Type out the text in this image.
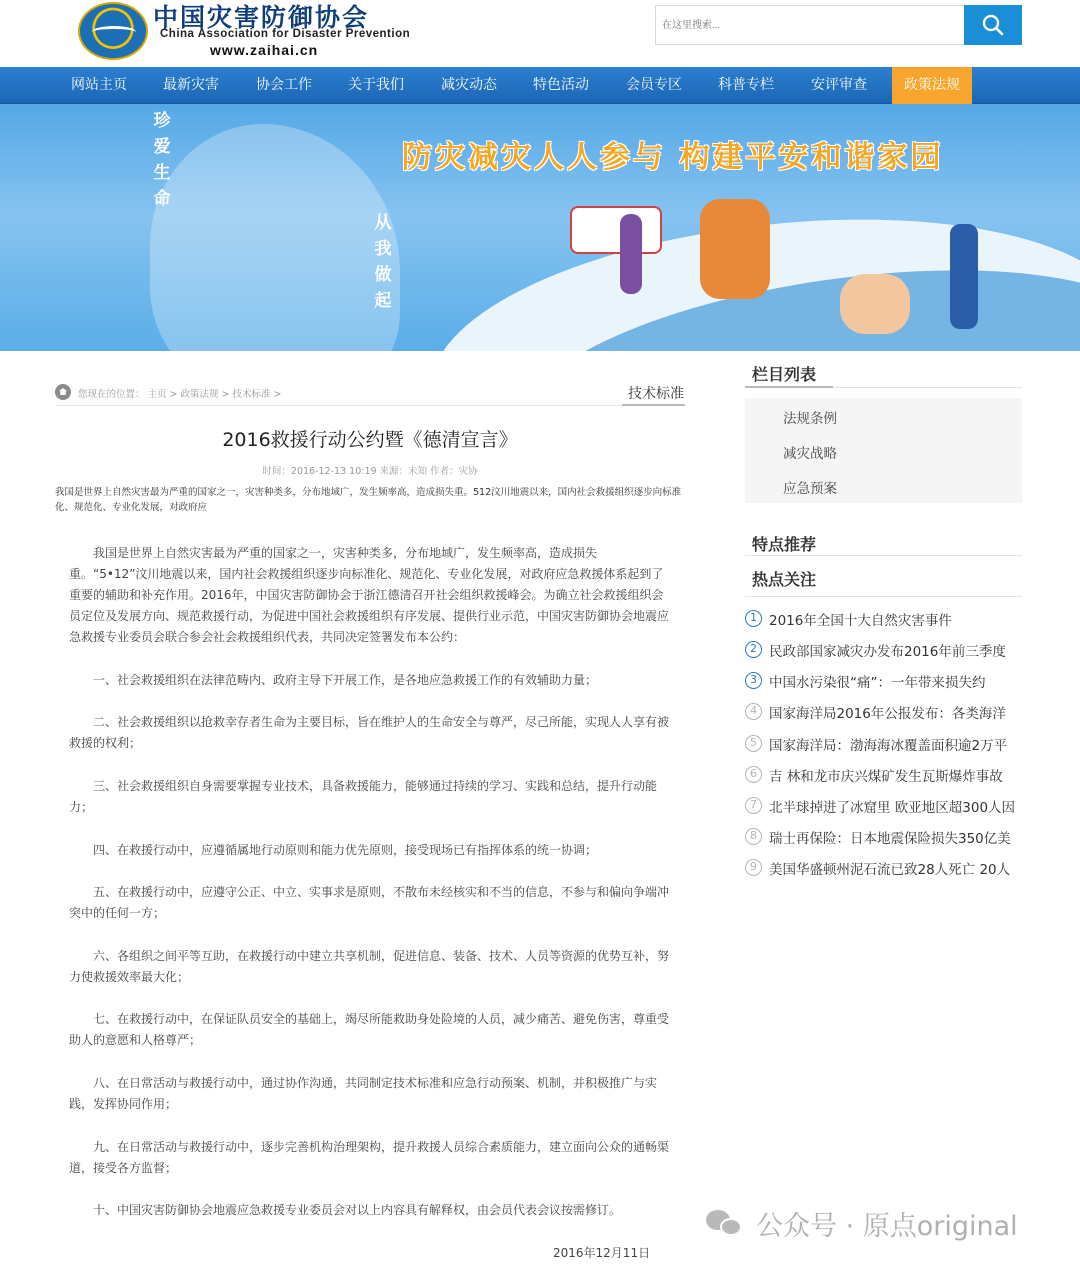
中国灾害防御协会
China Association for Disaster Prevention
www.zaihai.cn
在这里搜索...
网站主页	最新灾害	协会工作	关于我们	减灾动态	特色活动	会员专区	科普专栏	安评审查	政策法规
珍
爱
生
命
从
我
做
起
防灾减灾人人参与 构建平安和谐家园
您现在的位置： 主页 > 政策法规 > 技术标准 >	技术标准
2016救援行动公约暨《德清宣言》
时间：2016-12-13 10:19 来源：未知 作者：灾协
我国是世界上自然灾害最为严重的国家之一，灾害种类多，分布地域广，发生频率高，造成损失重。512汶川地震以来，国内社会救援组织逐步向标准化、规范化、专业化发展，对政府应
　　我国是世界上自然灾害最为严重的国家之一，灾害种类多，分布地域广，发生频率高，造成损失重。“5•12”汶川地震以来，国内社会救援组织逐步向标准化、规范化、专业化发展，对政府应急救援体系起到了重要的辅助和补充作用。2016年，中国灾害防御协会于浙江德清召开社会组织救援峰会。为确立社会救援组织会员定位及发展方向、规范救援行动，为促进中国社会救援组织有序发展、提供行业示范，中国灾害防御协会地震应急救援专业委员会联合参会社会救援组织代表，共同决定签署发布本公约：
　　一、社会救援组织在法律范畴内、政府主导下开展工作，是各地应急救援工作的有效辅助力量；
　　二、社会救援组织以抢救幸存者生命为主要目标，旨在维护人的生命安全与尊严，尽己所能，实现人人享有被救援的权利；
　　三、社会救援组织自身需要掌握专业技术，具备救援能力，能够通过持续的学习、实践和总结，提升行动能力；
　　四、在救援行动中，应遵循属地行动原则和能力优先原则，接受现场已有指挥体系的统一协调；
　　五、在救援行动中，应遵守公正、中立、实事求是原则，不散布未经核实和不当的信息，不参与和偏向争端冲突中的任何一方；
　　六、各组织之间平等互助，在救援行动中建立共享机制，促进信息、装备、技术、人员等资源的优势互补，努力使救援效率最大化；
　　七、在救援行动中，在保证队员安全的基础上，竭尽所能救助身处险境的人员，减少痛苦、避免伤害，尊重受助人的意愿和人格尊严；
　　八、在日常活动与救援行动中，通过协作沟通，共同制定技术标准和应急行动预案、机制，并积极推广与实践，发挥协同作用；
　　九、在日常活动与救援行动中，逐步完善机构治理架构，提升救援人员综合素质能力，建立面向公众的通畅渠道，接受各方监督；
　　十、中国灾害防御协会地震应急救援专业委员会对以上内容具有解释权，由会员代表会议按需修订。
2016年12月11日
栏目列表
法规条例
减灾战略
应急预案
特点推荐
热点关注
1 2016年全国十大自然灾害事件
2 民政部国家减灾办发布2016年前三季度
3 中国水污染很“痛”：一年带来损失约
4 国家海洋局2016年公报发布：各类海洋
5 国家海洋局：渤海海冰覆盖面积逾2万平
6 吉 林和龙市庆兴煤矿发生瓦斯爆炸事故
7 北半球掉进了冰窟里 欧亚地区超300人因
8 瑞士再保险：日本地震保险损失350亿美
9 美国华盛顿州泥石流已致28人死亡 20人
公众号 · 原点original
